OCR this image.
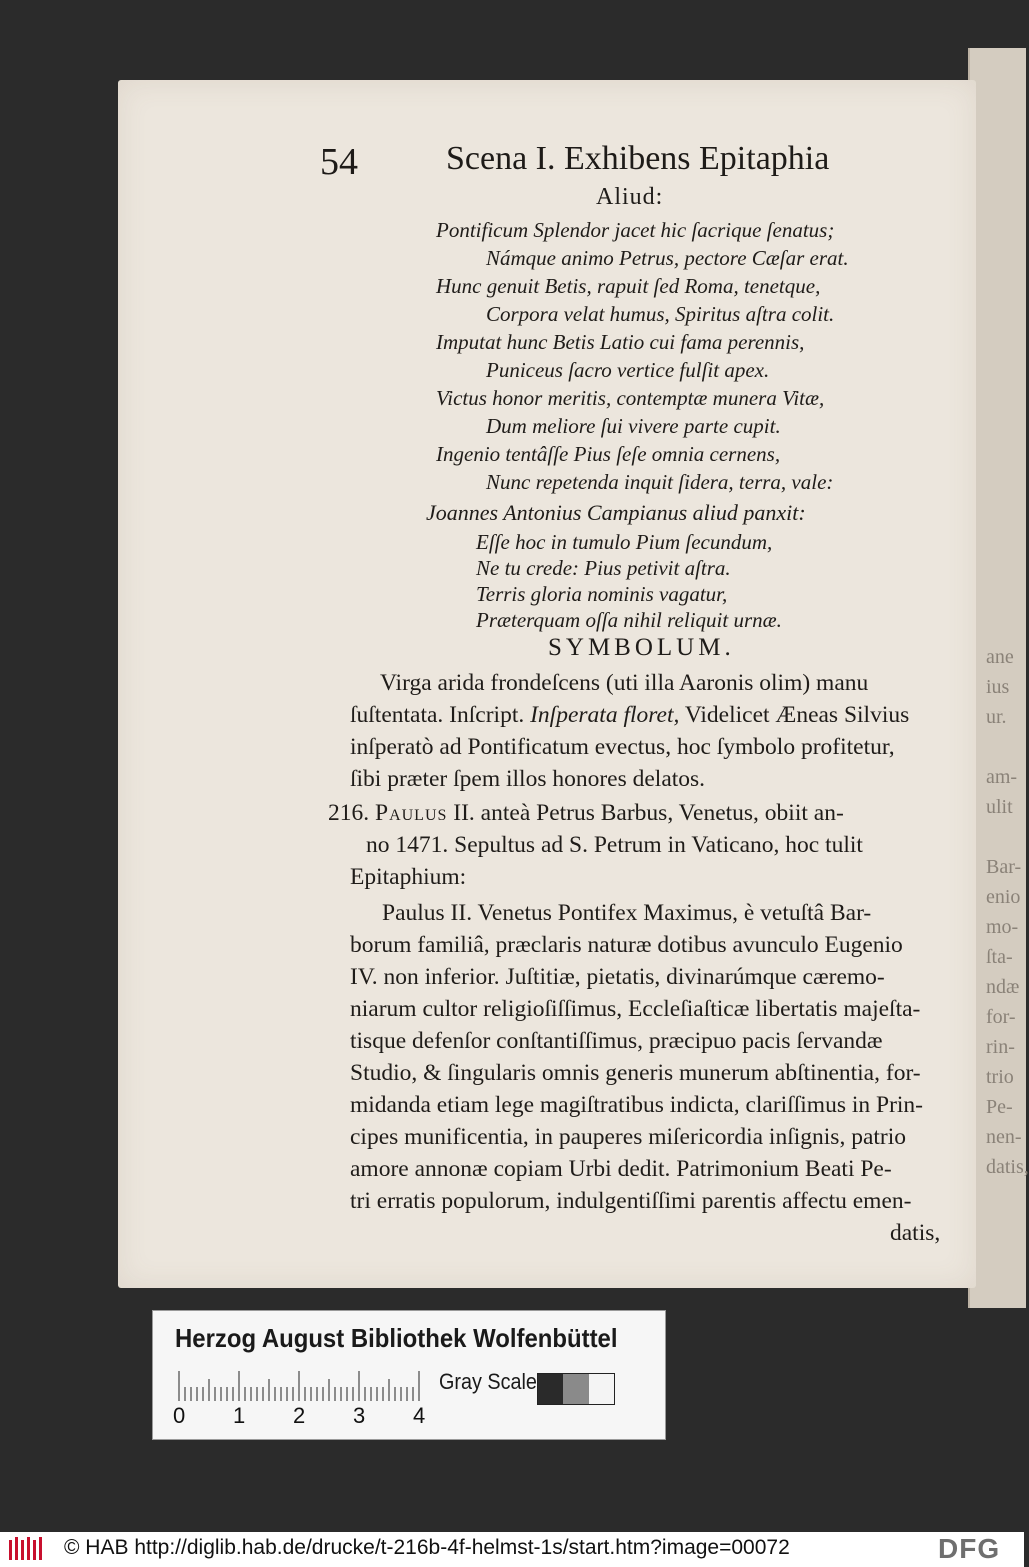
ane
ius
ur.
am-
ulit
Bar-
enio
mo-
ſta-
ndæ
for-
rin-
trio
Pe-
nen-
datis,
54	Scena I. Exhibens Epitaphia
Aliud:
Pontificum Splendor jacet hic ſacrique ſenatus;
Námque animo Petrus, pectore Cæſar erat.
Hunc genuit Betis, rapuit ſed Roma, tenetque,
Corpora velat humus, Spiritus aſtra colit.
Imputat hunc Betis Latio cui fama perennis,
Puniceus ſacro vertice fulſit apex.
Victus honor meritis, contemptæ munera Vitæ,
Dum meliore ſui vivere parte cupit.
Ingenio tentâſſe Pius ſeſe omnia cernens,
Nunc repetenda inquit ſidera, terra, vale:
Joannes Antonius Campianus aliud panxit:
Eſſe hoc in tumulo Pium ſecundum,
Ne tu crede: Pius petivit aſtra.
Terris gloria nominis vagatur,
Præterquam oſſa nihil reliquit urnæ.
SYMBOLUM.
Virga arida frondeſcens (uti illa Aaronis olim) manu
ſuſtentata. Inſcript. Inſperata floret, Videlicet Æneas Silvius
inſperatò ad Pontificatum evectus, hoc ſymbolo profitetur,
ſibi præter ſpem illos honores delatos.
216. Paulus II. anteà Petrus Barbus, Venetus, obiit an-
no 1471. Sepultus ad S. Petrum in Vaticano, hoc tulit
Epitaphium:
Paulus II. Venetus Pontifex Maximus, è vetuſtâ Bar-
borum familiâ, præclaris naturæ dotibus avunculo Eugenio
IV. non inferior. Juſtitiæ, pietatis, divinarúmque cæremo-
niarum cultor religioſiſſimus, Eccleſiaſticæ libertatis majeſta-
tisque defenſor conſtantiſſimus, præcipuo pacis ſervandæ
Studio, & ſingularis omnis generis munerum abſtinentia, for-
midanda etiam lege magiſtratibus indicta, clariſſimus in Prin-
cipes munificentia, in pauperes miſericordia inſignis, patrio
amore annonæ copiam Urbi dedit. Patrimonium Beati Pe-
tri erratis populorum, indulgentiſſimi parentis affectu emen-
datis,
Herzog August Bibliothek Wolfenbüttel
0 1 2 3 4
Gray Scale
© HAB http://diglib.hab.de/drucke/t-216b-4f-helmst-1s/start.htm?image=00072	DFG
